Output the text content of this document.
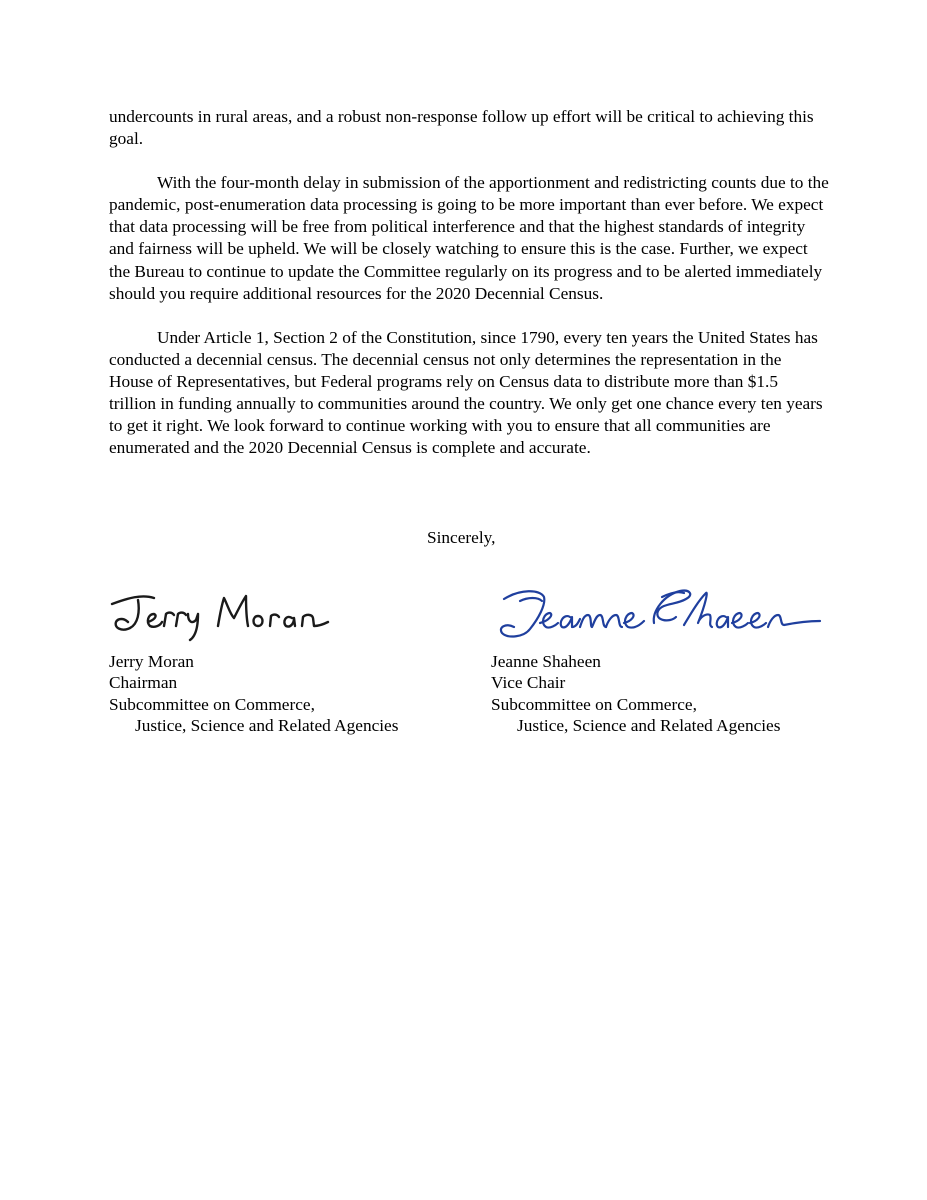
undercounts in rural areas, and a robust non-response follow up effort will be critical to achieving this goal.

With the four-month delay in submission of the apportionment and redistricting counts due to the pandemic, post-enumeration data processing is going to be more important than ever before. We expect that data processing will be free from political interference and that the highest standards of integrity and fairness will be upheld. We will be closely watching to ensure this is the case. Further, we expect the Bureau to continue to update the Committee regularly on its progress and to be alerted immediately should you require additional resources for the 2020 Decennial Census.

Under Article 1, Section 2 of the Constitution, since 1790, every ten years the United States has conducted a decennial census. The decennial census not only determines the representation in the House of Representatives, but Federal programs rely on Census data to distribute more than $1.5 trillion in funding annually to communities around the country. We only get one chance every ten years to get it right. We look forward to continue working with you to ensure that all communities are enumerated and the 2020 Decennial Census is complete and accurate.

Sincerely,
Jerry Moran
Chairman
Subcommittee on Commerce,
Justice, Science and Related Agencies
Jeanne Shaheen
Vice Chair
Subcommittee on Commerce,
Justice, Science and Related Agencies
